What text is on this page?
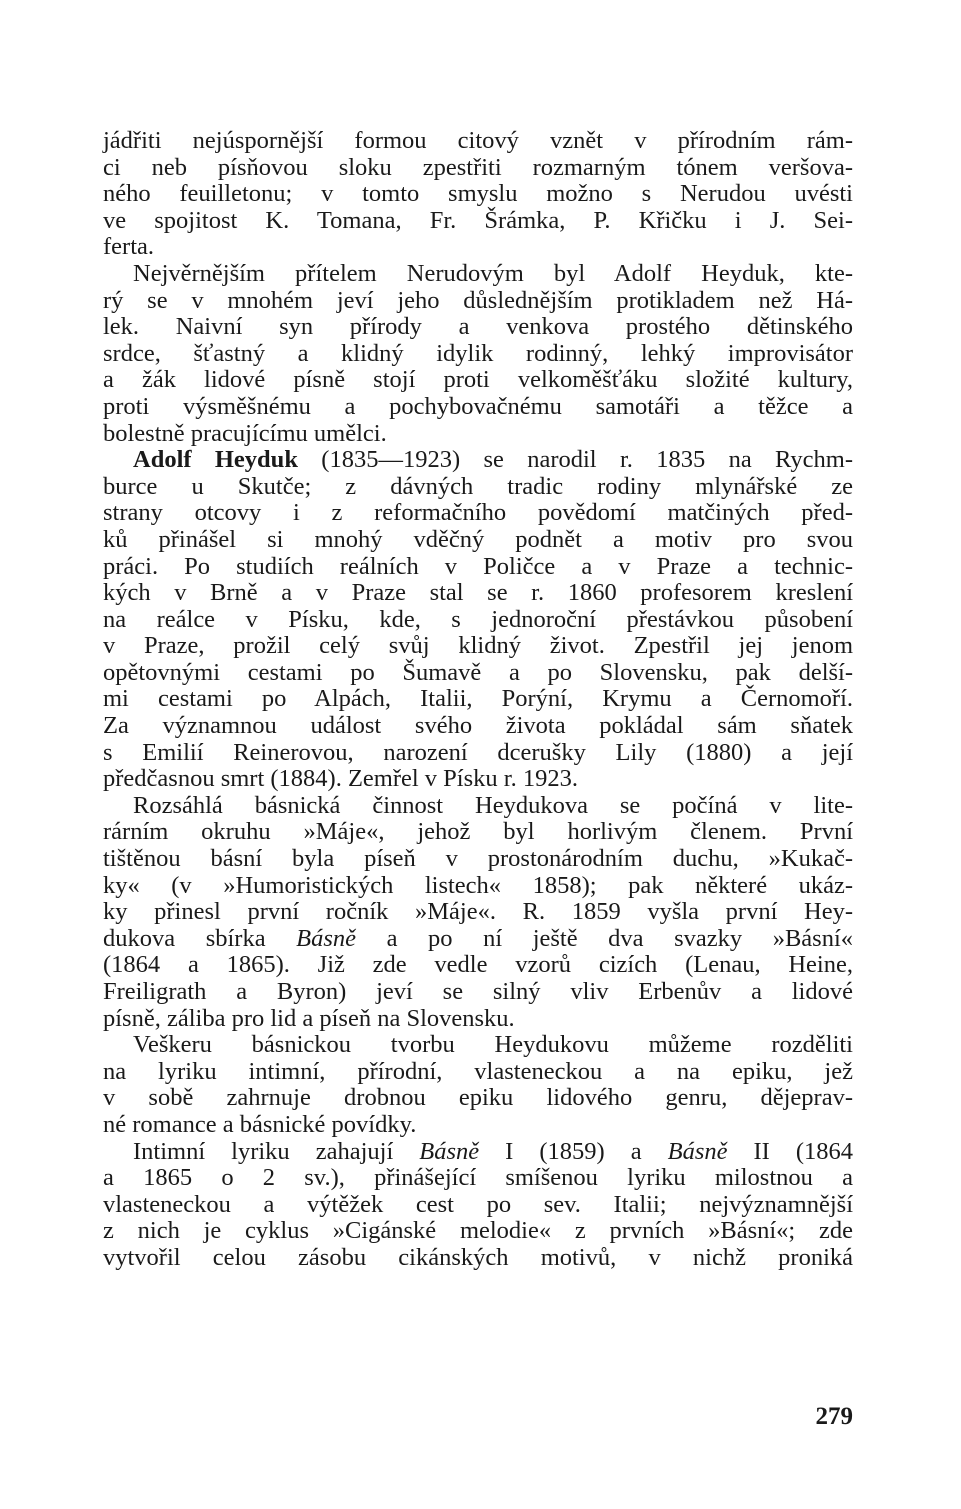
jádřiti nejúspornější formou citový vznět v přírodním rám-
ci neb písňovou sloku zpestřiti rozmarným tónem veršova-
ného feuilletonu; v tomto smyslu možno s Nerudou uvésti
ve spojitost K. Tomana, Fr. Šrámka, P. Křičku i J. Sei-
ferta.
Nejvěrnějším přítelem Nerudovým byl Adolf Heyduk, kte-
rý se v mnohém jeví jeho důslednějším protikladem než Há-
lek. Naivní syn přírody a venkova prostého dětinského
srdce, šťastný a klidný idylik rodinný, lehký improvisátor
a žák lidové písně stojí proti velkoměšťáku složité kultury,
proti výsměšnému a pochybovačnému samotáři a těžce a
bolestně pracujícímu umělci.
Adolf Heyduk (1835—1923) se narodil r. 1835 na Rychm-
burce u Skutče; z dávných tradic rodiny mlynářské ze
strany otcovy i z reformačního povědomí matčiných před-
ků přinášel si mnohý vděčný podnět a motiv pro svou
práci. Po studiích reálních v Poličce a v Praze a technic-
kých v Brně a v Praze stal se r. 1860 profesorem kreslení
na reálce v Písku, kde, s jednoroční přestávkou působení
v Praze, prožil celý svůj klidný život. Zpestřil jej jenom
opětovnými cestami po Šumavě a po Slovensku, pak delší-
mi cestami po Alpách, Italii, Porýní, Krymu a Černomoří.
Za významnou událost svého života pokládal sám sňatek
s Emilií Reinerovou, narození dcerušky Lily (1880) a její
předčasnou smrt (1884). Zemřel v Písku r. 1923.
Rozsáhlá básnická činnost Heydukova se počíná v lite-
rárním okruhu »Máje«, jehož byl horlivým členem. První
tištěnou básní byla píseň v prostonárodním duchu, »Kukač-
ky« (v »Humoristických listech« 1858); pak některé ukáz-
ky přinesl první ročník »Máje«. R. 1859 vyšla první Hey-
dukova sbírka Básně a po ní ještě dva svazky »Básní«
(1864 a 1865). Již zde vedle vzorů cizích (Lenau, Heine,
Freiligrath a Byron) jeví se silný vliv Erbenův a lidové
písně, záliba pro lid a píseň na Slovensku.
Veškeru básnickou tvorbu Heydukovu můžeme rozděliti
na lyriku intimní, přírodní, vlasteneckou a na epiku, jež
v sobě zahrnuje drobnou epiku lidového genru, dějeprav-
né romance a básnické povídky.
Intimní lyriku zahajují Básně I (1859) a Básně II (1864
a 1865 o 2 sv.), přinášející smíšenou lyriku milostnou a
vlasteneckou a výtěžek cest po sev. Italii; nejvýznamnější
z nich je cyklus »Cigánské melodie« z prvních »Básní«; zde
vytvořil celou zásobu cikánských motivů, v nichž proniká
279
